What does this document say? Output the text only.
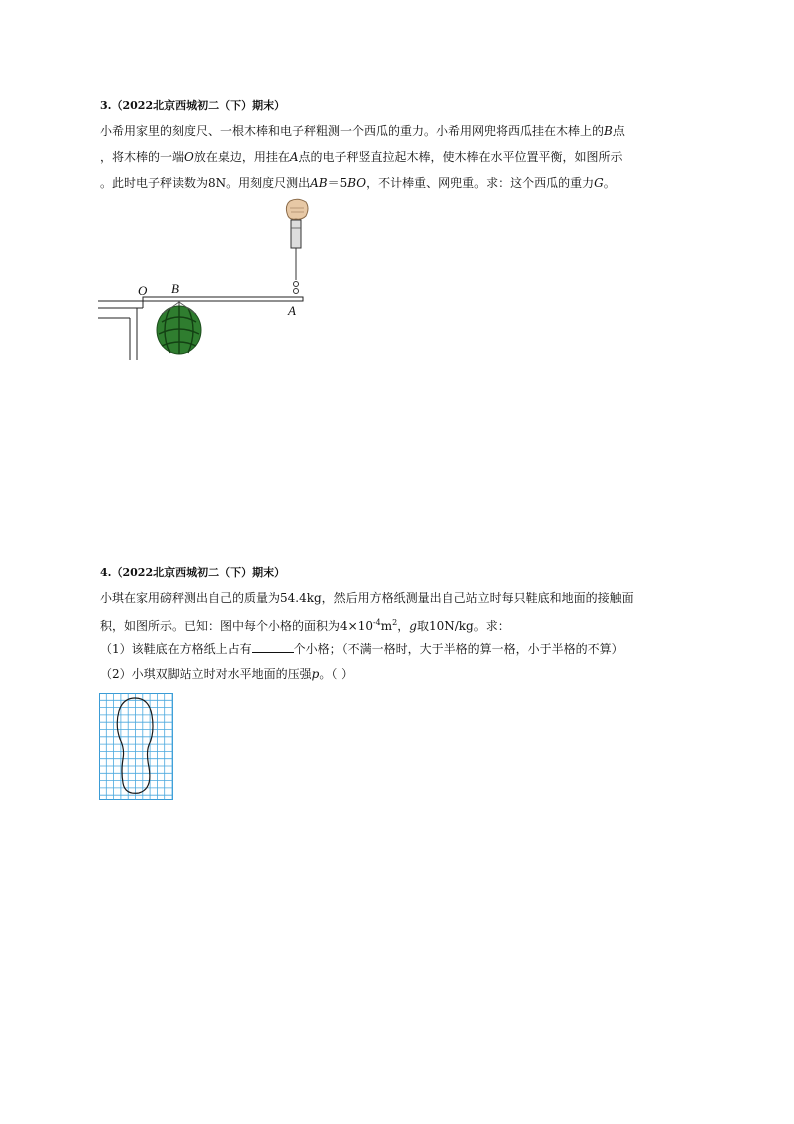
3.（2022北京西城初二（下）期末）
小希用家里的刻度尺、一根木棒和电子秤粗测一个西瓜的重力。小希用网兜将西瓜挂在木棒上的B点
，将木棒的一端O放在桌边，用挂在A点的电子秤竖直拉起木棒，使木棒在水平位置平衡，如图所示
。此时电子秤读数为8N。用刻度尺测出AB＝5BO，不计棒重、网兜重。求：这个西瓜的重力G。
O B
A
4.（2022北京西城初二（下）期末）
小琪在家用磅秤测出自己的质量为54.4kg，然后用方格纸测量出自己站立时每只鞋底和地面的接触面
积，如图所示。已知：图中每个小格的面积为$4\times 10^{-4}m^2$，g取10N/kg。求：
（1）该鞋底在方格纸上占有	个小格；（不满一格时，大于半格的算一格，小于半格的不算）
（2）小琪双脚站立时对水平地面的压强p。（ ）
